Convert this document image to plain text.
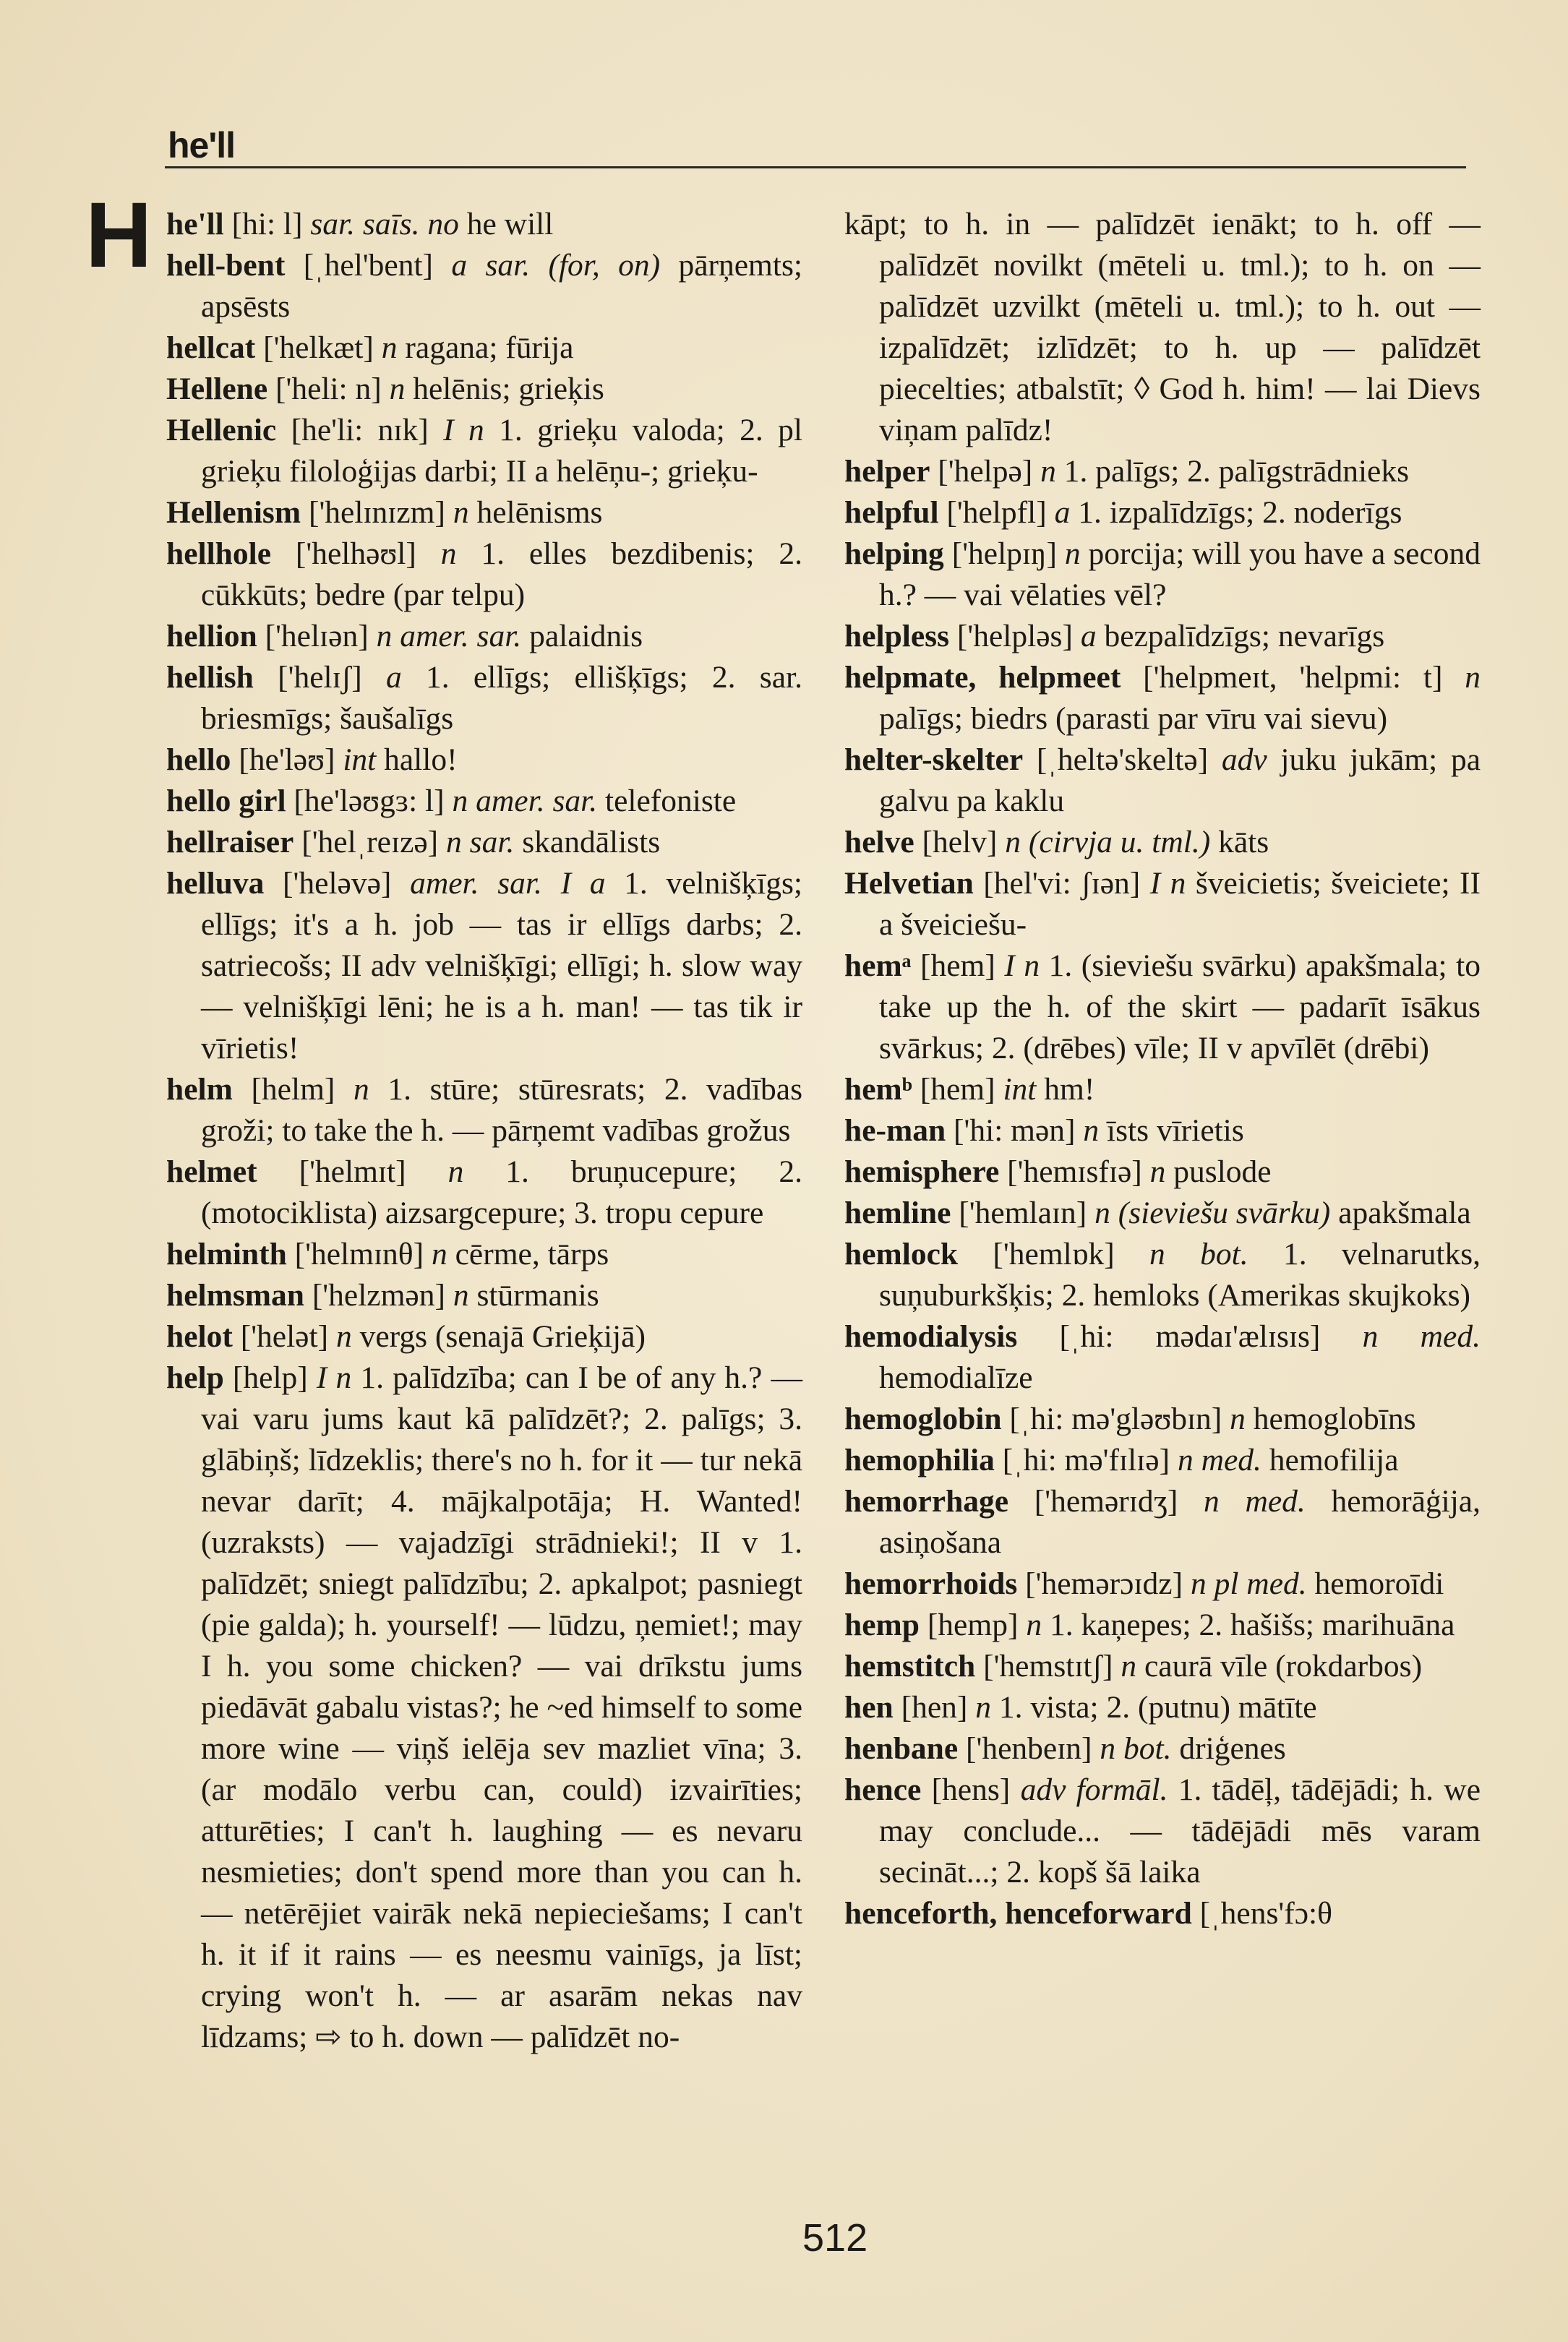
he'll
H he'll [hi: l] sar. saīs. no he will

hell-bent [ˌhel'bent] a sar. (for, on) pārņemts; apsēsts

hellcat ['helkæt] n ragana; fūrija

Hellene ['heli: n] n helēnis; grieķis

Hellenic [he'li: nɪk] I n 1. grieķu valoda; 2. pl grieķu filoloģijas darbi; II a helēņu-; grieķu-

Hellenism ['helɪnɪzm] n helēnisms

hellhole ['helhəʊl] n 1. elles bezdibenis; 2. cūkkūts; bedre (par telpu)

hellion ['helɪən] n amer. sar. palaidnis

hellish ['helɪʃ] a 1. ellīgs; ellišķīgs; 2. sar. briesmīgs; šaušalīgs

hello [he'ləʊ] int hallo!

hello girl [he'ləʊgɜ: l] n amer. sar. telefoniste

hellraiser ['helˌreɪzə] n sar. skandālists

helluva ['heləvə] amer. sar. I a 1. velnišķīgs; ellīgs; it's a h. job — tas ir ellīgs darbs; 2. satriecošs; II adv velnišķīgi; ellīgi; h. slow way — velnišķīgi lēni; he is a h. man! — tas tik ir vīrietis!

helm [helm] n 1. stūre; stūresrats; 2. vadības groži; to take the h. — pārņemt vadības grožus

helmet ['helmɪt] n 1. bruņucepure; 2. (motociklista) aizsargcepure; 3. tropu cepure

helminth ['helmɪnθ] n cērme, tārps

helmsman ['helzmən] n stūrmanis

helot ['helət] n vergs (senajā Grieķijā)

help [help] I n 1. palīdzība; can I be of any h.? — vai varu jums kaut kā palīdzēt?; 2. palīgs; 3. glābiņš; līdzeklis; there's no h. for it — tur nekā nevar darīt; 4. mājkalpotāja; H. Wanted! (uzraksts) — vajadzīgi strādnieki!; II v 1. palīdzēt; sniegt palīdzību; 2. apkalpot; pasniegt (pie galda); h. yourself! — lūdzu, ņemiet!; may I h. you some chicken? — vai drīkstu jums piedāvāt gabalu vistas?; he ~ed himself to some more wine — viņš ielēja sev mazliet vīna; 3. (ar modālo verbu can, could) izvairīties; atturēties; I can't h. laughing — es nevaru nesmieties; don't spend more than you can h. — netērējiet vairāk nekā nepieciešams; I can't h. it if it rains — es neesmu vainīgs, ja līst; crying won't h. — ar asarām nekas nav līdzams; ⇨ to h. down — palīdzēt no-

kāpt; to h. in — palīdzēt ienākt; to h. off — palīdzēt novilkt (mēteli u. tml.); to h. on — palīdzēt uzvilkt (mēteli u. tml.); to h. out — izpalīdzēt; izlīdzēt; to h. up — palīdzēt piecelties; atbalstīt; ◊ God h. him! — lai Dievs viņam palīdz!

helper ['helpə] n 1. palīgs; 2. palīgstrādnieks

helpful ['helpfl] a 1. izpalīdzīgs; 2. noderīgs

helping ['helpɪŋ] n porcija; will you have a second h.? — vai vēlaties vēl?

helpless ['helpləs] a bezpalīdzīgs; nevarīgs

helpmate, helpmeet ['helpmeɪt, 'helpmi: t] n palīgs; biedrs (parasti par vīru vai sievu)

helter-skelter [ˌheltə'skeltə] adv juku jukām; pa galvu pa kaklu

helve [helv] n (cirvja u. tml.) kāts

Helvetian [hel'vi: ʃɪən] I n šveicietis; šveiciete; II a šveiciešu-

hemᵃ [hem] I n 1. (sieviešu svārku) apakšmala; to take up the h. of the skirt — padarīt īsākus svārkus; 2. (drēbes) vīle; II v apvīlēt (drēbi)

hemᵇ [hem] int hm!

he-man ['hi: mən] n īsts vīrietis

hemisphere ['hemɪsfɪə] n puslode

hemline ['hemlaɪn] n (sieviešu svārku) apakšmala

hemlock ['hemlɒk] n bot. 1. velnarutks, suņuburkšķis; 2. hemloks (Amerikas skujkoks)

hemodialysis [ˌhi: mədaɪ'ælɪsɪs] n med. hemodialīze

hemoglobin [ˌhi: mə'gləʊbɪn] n hemoglobīns

hemophilia [ˌhi: mə'fɪlɪə] n med. hemofilija

hemorrhage ['hemərɪdʒ] n med. hemorāģija, asiņošana

hemorrhoids ['hemərɔɪdz] n pl med. hemoroīdi

hemp [hemp] n 1. kaņepes; 2. hašišs; marihuāna

hemstitch ['hemstɪtʃ] n caurā vīle (rokdarbos)

hen [hen] n 1. vista; 2. (putnu) mātīte

henbane ['henbeɪn] n bot. driģenes

hence [hens] adv formāl. 1. tādēļ, tādējādi; h. we may conclude... — tādējādi mēs varam secināt...; 2. kopš šā laika

henceforth, henceforward [ˌhens'fɔ:θ

512
